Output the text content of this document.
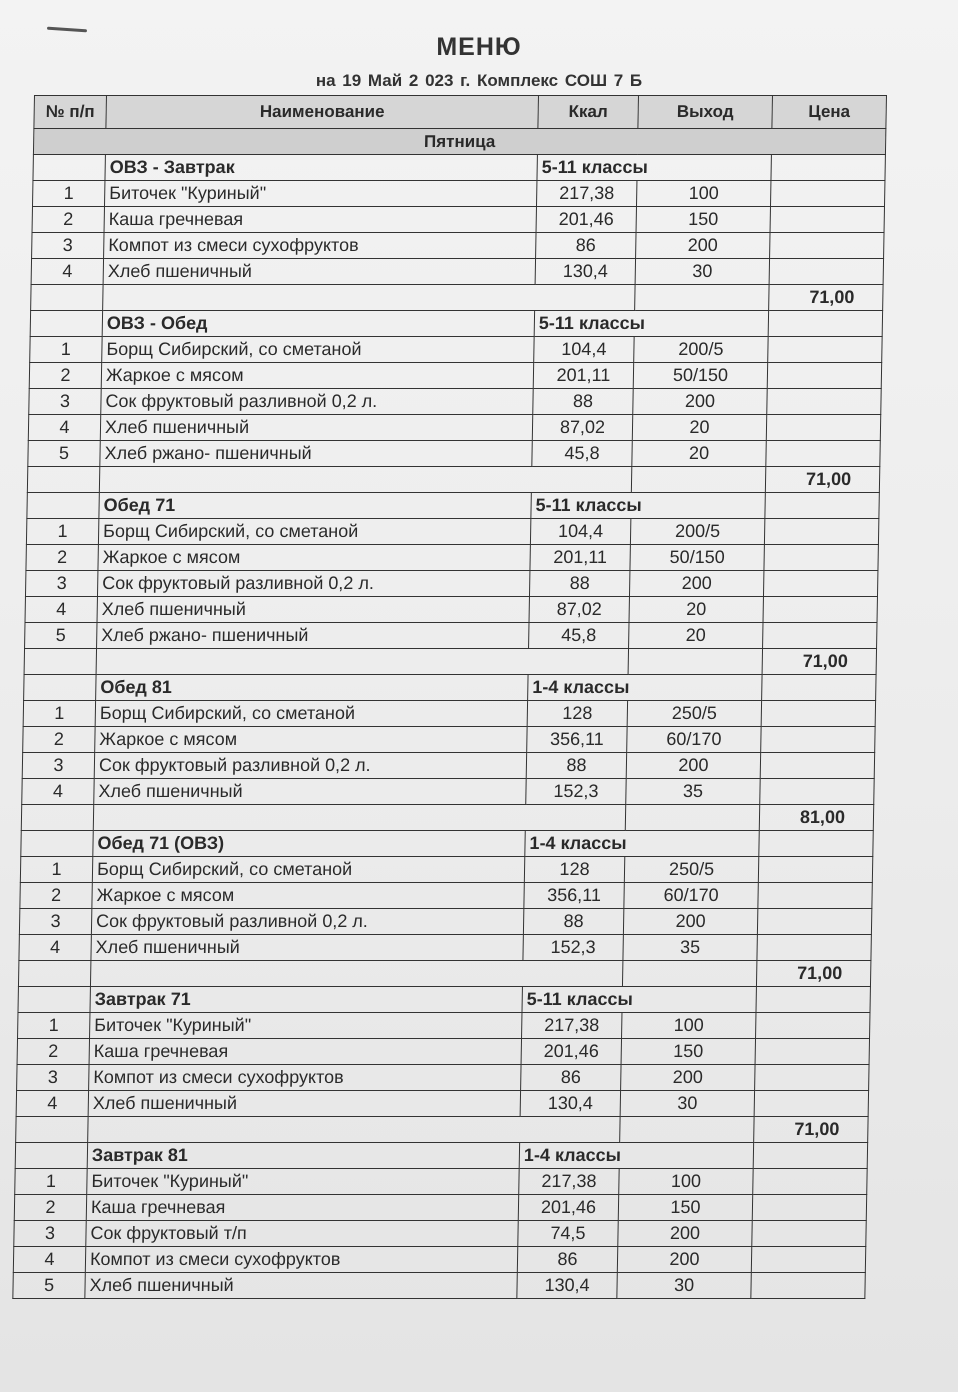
МЕНЮ
на 19 Май 2 023 г. Комплекс СОШ 7 Б
№ п/п	Наименование	Ккал	Выход	Цена
Пятница				
	ОВЗ - Завтрак	5-11 классы		
1	Биточек "Куриный"	217,38	100	
2	Каша гречневая	201,46	150	
3	Компот из смеси сухофруктов	86	200	
4	Хлеб пшеничный	130,4	30	
				71,00
	ОВЗ - Обед	5-11 классы		
1	Борщ Сибирский, со сметаной	104,4	200/5	
2	Жаркое с мясом	201,11	50/150	
3	Сок фруктовый разливной 0,2 л.	88	200	
4	Хлеб пшеничный	87,02	20	
5	Хлеб ржано- пшеничный	45,8	20	
				71,00
	Обед 71	5-11 классы		
1	Борщ Сибирский, со сметаной	104,4	200/5	
2	Жаркое с мясом	201,11	50/150	
3	Сок фруктовый разливной 0,2 л.	88	200	
4	Хлеб пшеничный	87,02	20	
5	Хлеб ржано- пшеничный	45,8	20	
				71,00
	Обед 81	1-4 классы		
1	Борщ Сибирский, со сметаной	128	250/5	
2	Жаркое с мясом	356,11	60/170	
3	Сок фруктовый разливной 0,2 л.	88	200	
4	Хлеб пшеничный	152,3	35	
				81,00
	Обед 71 (ОВЗ)	1-4 классы		
1	Борщ Сибирский, со сметаной	128	250/5	
2	Жаркое с мясом	356,11	60/170	
3	Сок фруктовый разливной 0,2 л.	88	200	
4	Хлеб пшеничный	152,3	35	
				71,00
	Завтрак 71	5-11 классы		
1	Биточек "Куриный"	217,38	100	
2	Каша гречневая	201,46	150	
3	Компот из смеси сухофруктов	86	200	
4	Хлеб пшеничный	130,4	30	
				71,00
	Завтрак 81	1-4 классы		
1	Биточек "Куриный"	217,38	100	
2	Каша гречневая	201,46	150	
3	Сок фруктовый т/п	74,5	200	
4	Компот из смеси сухофруктов	86	200	
5	Хлеб пшеничный	130,4	30	
